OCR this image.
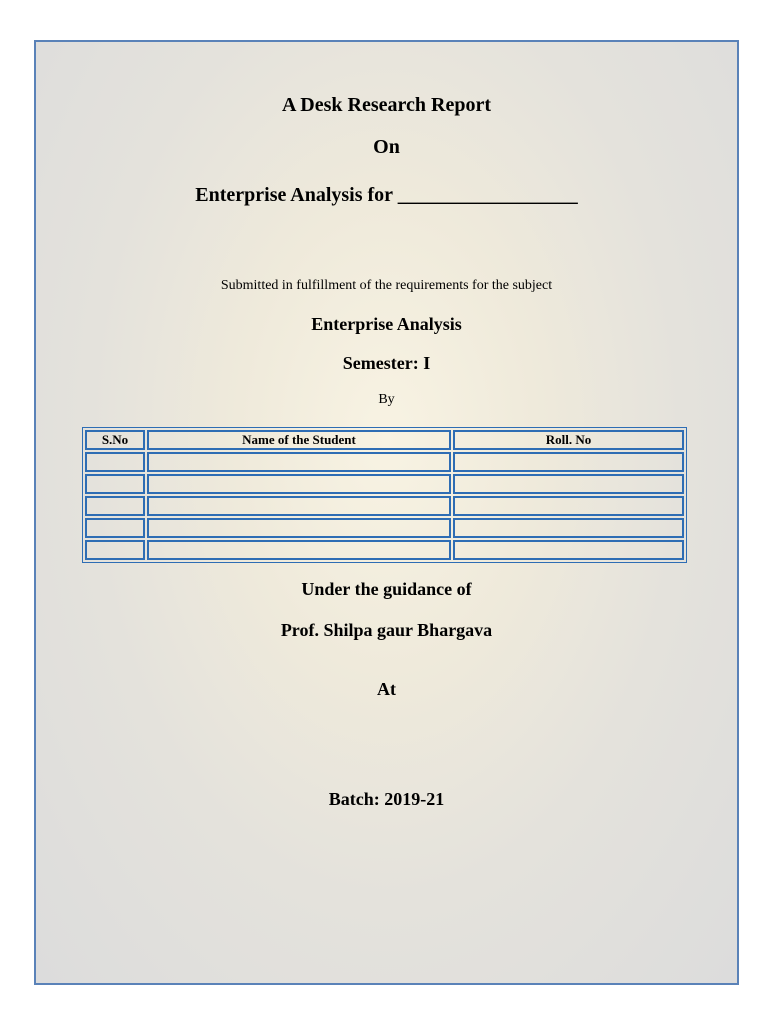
A Desk Research Report
On
Enterprise Analysis for __________________
Submitted in fulfillment of the requirements for the subject
Enterprise Analysis
Semester: I
By
S.No	Name of the Student	Roll. No

Under the guidance of
Prof. Shilpa gaur Bhargava
At
Batch: 2019-21
